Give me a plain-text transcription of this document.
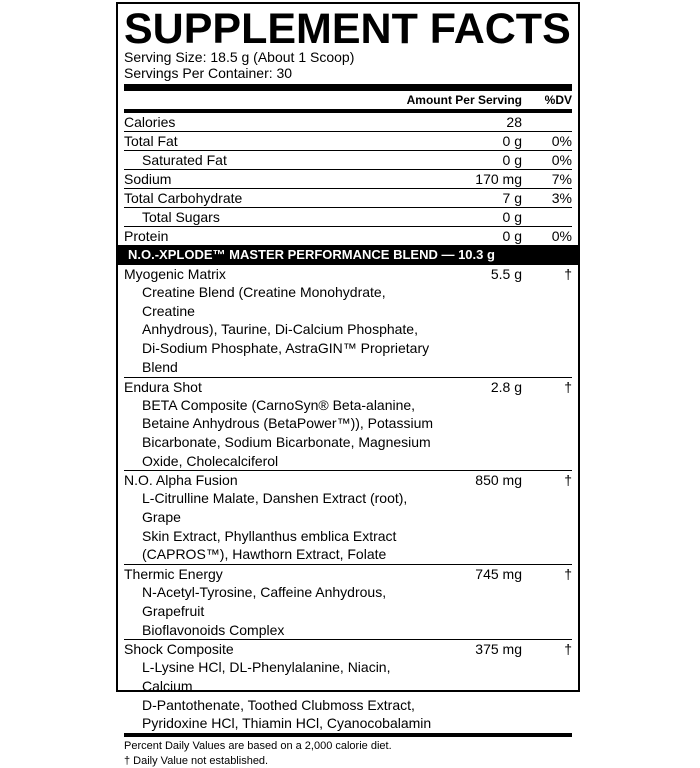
SUPPLEMENT FACTS
Serving Size: 18.5 g (About 1 Scoop)
Servings Per Container: 30
Amount Per Serving	%DV
Calories	28
Total Fat	0 g	0%
Saturated Fat	0 g	0%
Sodium	170 mg	7%
Total Carbohydrate	7 g	3%
Total Sugars	0 g
Protein	0 g	0%
N.O.-XPLODE™ MASTER PERFORMANCE BLEND — 10.3 g
Myogenic Matrix	5.5 g	†
Creatine Blend (Creatine Monohydrate, Creatine
Anhydrous), Taurine, Di-Calcium Phosphate,
Di-Sodium Phosphate, AstraGIN™ Proprietary
Blend
Endura Shot	2.8 g	†
BETA Composite (CarnoSyn® Beta-alanine,
Betaine Anhydrous (BetaPower™)), Potassium
Bicarbonate, Sodium Bicarbonate, Magnesium
Oxide, Cholecalciferol
N.O. Alpha Fusion	850 mg	†
L-Citrulline Malate, Danshen Extract (root), Grape
Skin Extract, Phyllanthus emblica Extract
(CAPROS™), Hawthorn Extract, Folate
Thermic Energy	745 mg	†
N-Acetyl-Tyrosine, Caffeine Anhydrous, Grapefruit
Bioflavonoids Complex
Shock Composite	375 mg	†
L-Lysine HCl, DL-Phenylalanine, Niacin, Calcium
D-Pantothenate, Toothed Clubmoss Extract,
Pyridoxine HCl, Thiamin HCl, Cyanocobalamin
Percent Daily Values are based on a 2,000 calorie diet.
† Daily Value not established.
